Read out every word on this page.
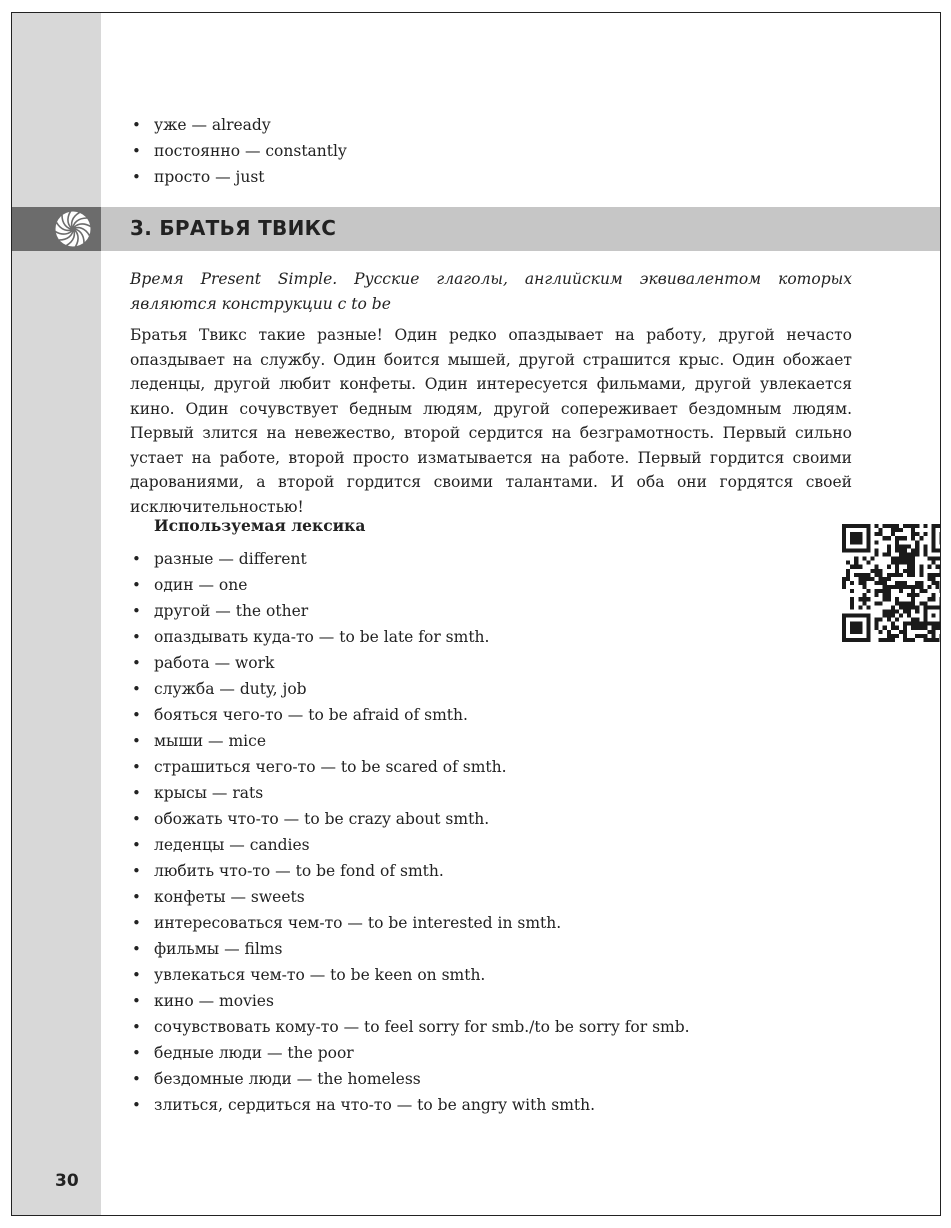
• уже — already
• постоянно — constantly
• просто — just
3. БРАТЬЯ ТВИКС
Время Present Simple. Русские глаголы, английским эквивалентом которых являются конструкции с to be
Братья Твикс такие разные! Один редко опаздывает на работу, другой нечасто опаздывает на службу. Один боится мышей, другой страшится крыс. Один обожает леденцы, другой любит конфеты. Один интересуется фильмами, другой увлекается кино. Один сочувствует бедным людям, другой сопереживает бездомным людям. Первый злится на невежество, второй сердится на безграмотность. Первый сильно устает на работе, второй просто изматывается на работе. Первый гордится своими дарованиями, а второй гордится своими талантами. И оба они гордятся своей исключительностью!
Используемая лексика
• разные — different
• один — one
• другой — the other
• опаздывать куда-то — to be late for smth.
• работа — work
• служба — duty, job
• бояться чего-то — to be afraid of smth.
• мыши — mice
• страшиться чего-то — to be scared of smth.
• крысы — rats
• обожать что-то — to be crazy about smth.
• леденцы — candies
• любить что-то — to be fond of smth.
• конфеты — sweets
• интересоваться чем-то — to be interested in smth.
• фильмы — films
• увлекаться чем-то — to be keen on smth.
• кино — movies
• сочувствовать кому-то — to feel sorry for smb./to be sorry for smb.
• бедные люди — the poor
• бездомные люди — the homeless
• злиться, сердиться на что-то — to be angry with smth.
30
